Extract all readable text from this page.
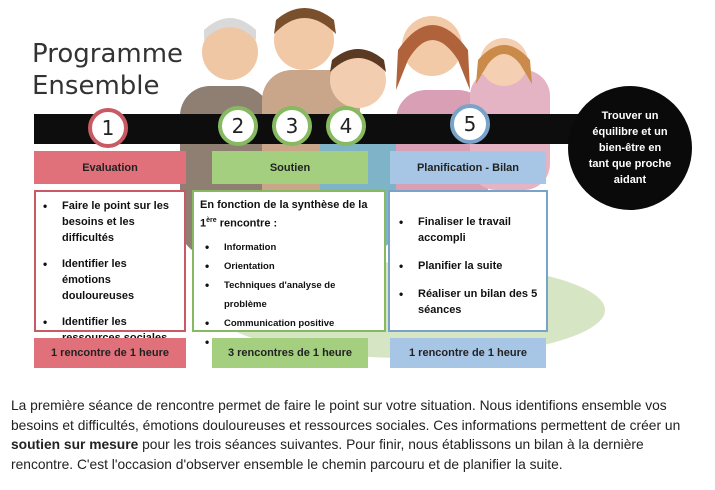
Programme
Ensemble
1	2 3 4	5
Evaluation
• Faire le point sur les besoins et les difficultés
• Identifier les émotions douloureuses
• Identifier les
1 rencontre de 1 heure
Soutien
En fonction de la synthèse de la 1ère rencontre :
• Information
• Orientation
• Techniques d'analyse de problème
• Communication positive
•
3 rencontres de 1 heure
Planification - Bilan
• Finaliser le travail accompli
• Planifier la suite
• Réaliser un bilan des 5 séances
1 rencontre de 1 heure
Trouver un équilibre et un bien-être en tant que proche aidant

La première séance de rencontre permet de faire le point sur votre situation. Nous identifions ensemble vos besoins et difficultés, émotions douloureuses et ressources sociales. Ces informations permettent de créer un soutien sur mesure pour les trois séances suivantes. Pour finir, nous établissons un bilan à la dernière rencontre. C'est l'occasion d'observer ensemble le chemin parcouru et de planifier la suite.
